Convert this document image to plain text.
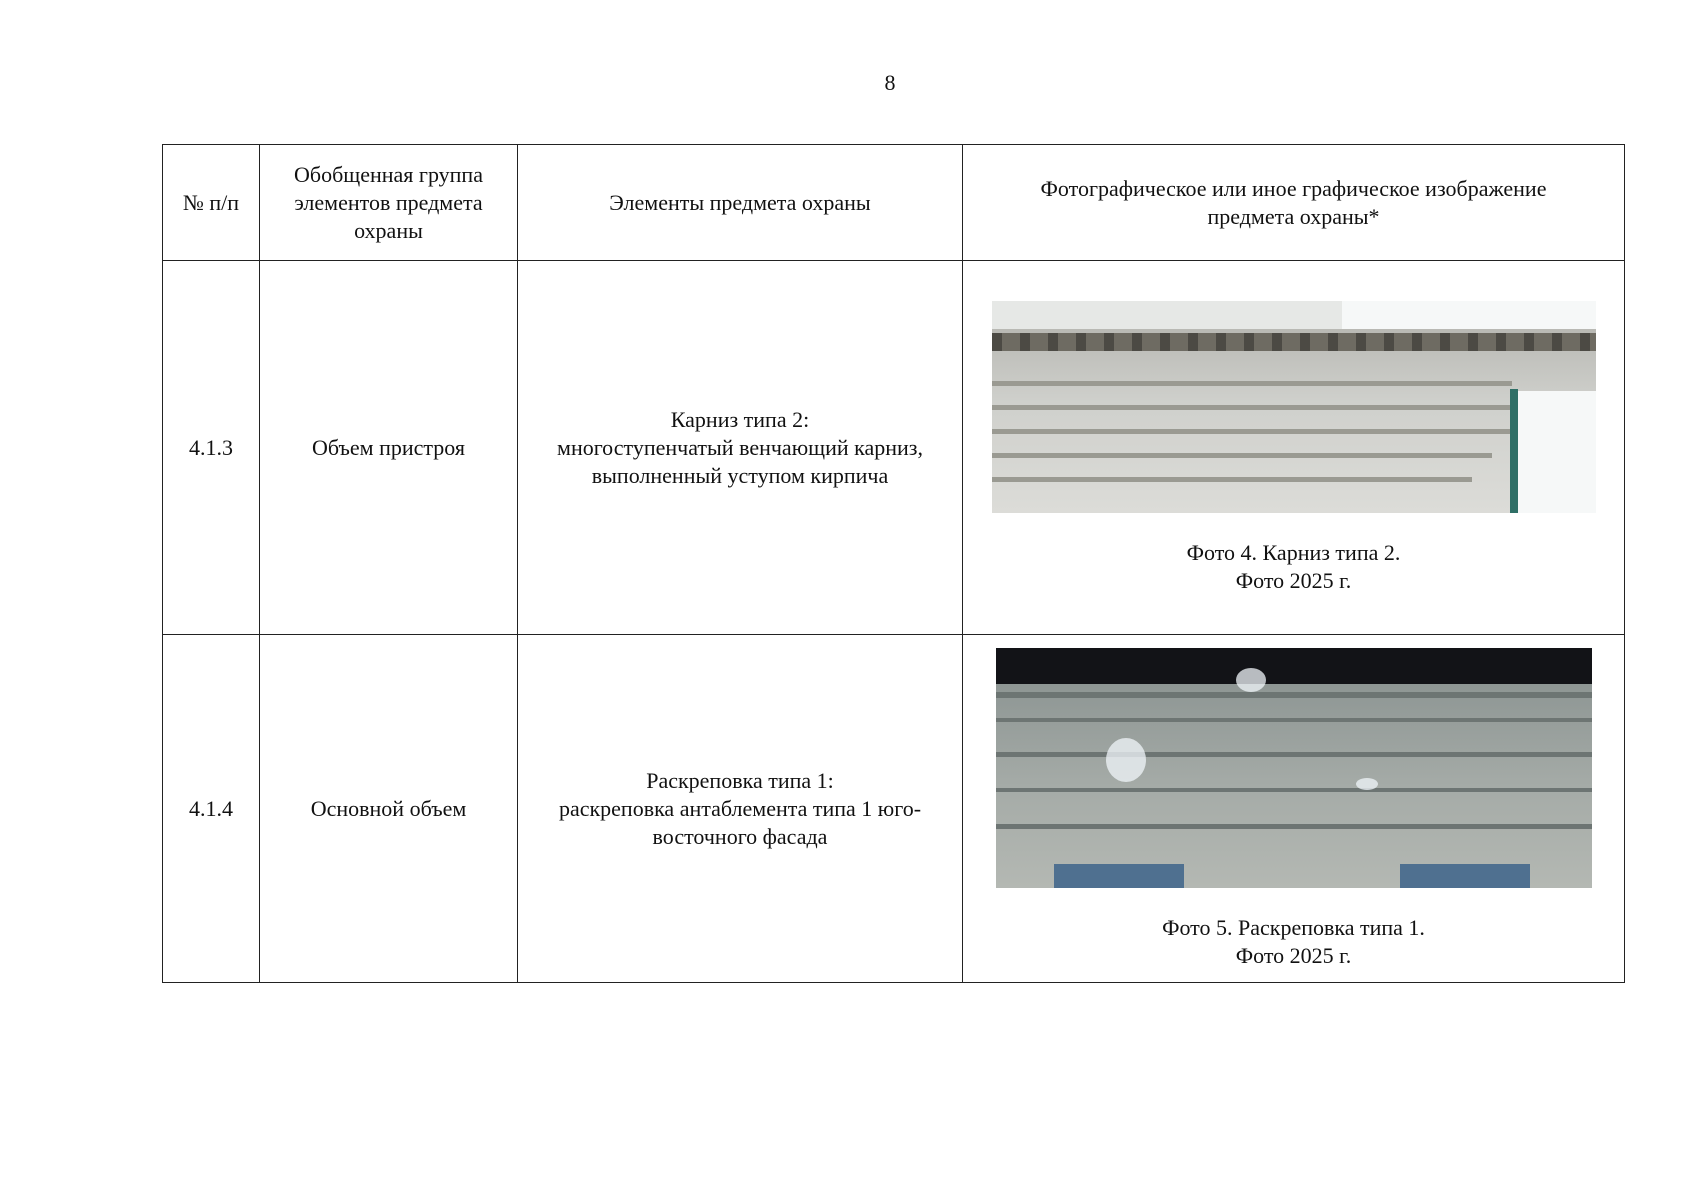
8
№ п/п	Обобщенная группа
элементов предмета
охраны	Элементы предмета охраны	Фотографическое или иное графическое изображение
предмета охраны*

4.1.3	Объем пристроя	Карниз типа 2:
многоступенчатый венчающий карниз,
выполненный уступом кирпича	Фото 4. Карниз типа 2.
Фото 2025 г.

4.1.4	Основной объем	Раскреповка типа 1:
раскреповка антаблемента типа 1 юго-
восточного фасада	Фото 5. Раскреповка типа 1.
Фото 2025 г.
